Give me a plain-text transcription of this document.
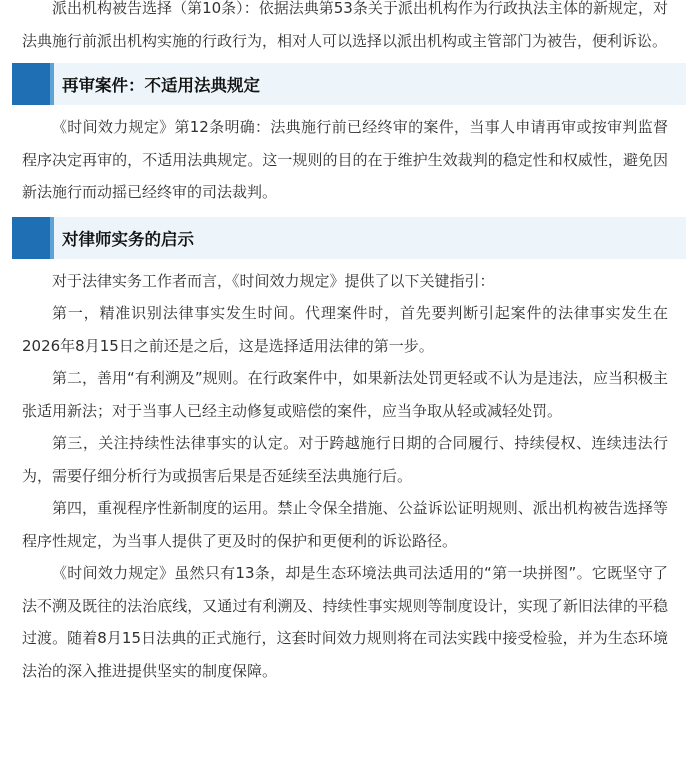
派出机构被告选择（第10条）：依据法典第53条关于派出机构作为行政执法主体的新规定，对法典施行前派出机构实施的行政行为，相对人可以选择以派出机构或主管部门为被告，便利诉讼。

再审案件：不适用法典规定

《时间效力规定》第12条明确：法典施行前已经终审的案件，当事人申请再审或按审判监督程序决定再审的，不适用法典规定。这一规则的目的在于维护生效裁判的稳定性和权威性，避免因新法施行而动摇已经终审的司法裁判。

对律师实务的启示

对于法律实务工作者而言，《时间效力规定》提供了以下关键指引：

第一，精准识别法律事实发生时间。代理案件时，首先要判断引起案件的法律事实发生在2026年8月15日之前还是之后，这是选择适用法律的第一步。

第二，善用“有利溯及”规则。在行政案件中，如果新法处罚更轻或不认为是违法，应当积极主张适用新法；对于当事人已经主动修复或赔偿的案件，应当争取从轻或减轻处罚。

第三，关注持续性法律事实的认定。对于跨越施行日期的合同履行、持续侵权、连续违法行为，需要仔细分析行为或损害后果是否延续至法典施行后。

第四，重视程序性新制度的运用。禁止令保全措施、公益诉讼证明规则、派出机构被告选择等程序性规定，为当事人提供了更及时的保护和更便利的诉讼路径。

《时间效力规定》虽然只有13条，却是生态环境法典司法适用的“第一块拼图”。它既坚守了法不溯及既往的法治底线，又通过有利溯及、持续性事实规则等制度设计，实现了新旧法律的平稳过渡。随着8月15日法典的正式施行，这套时间效力规则将在司法实践中接受检验，并为生态环境法治的深入推进提供坚实的制度保障。
